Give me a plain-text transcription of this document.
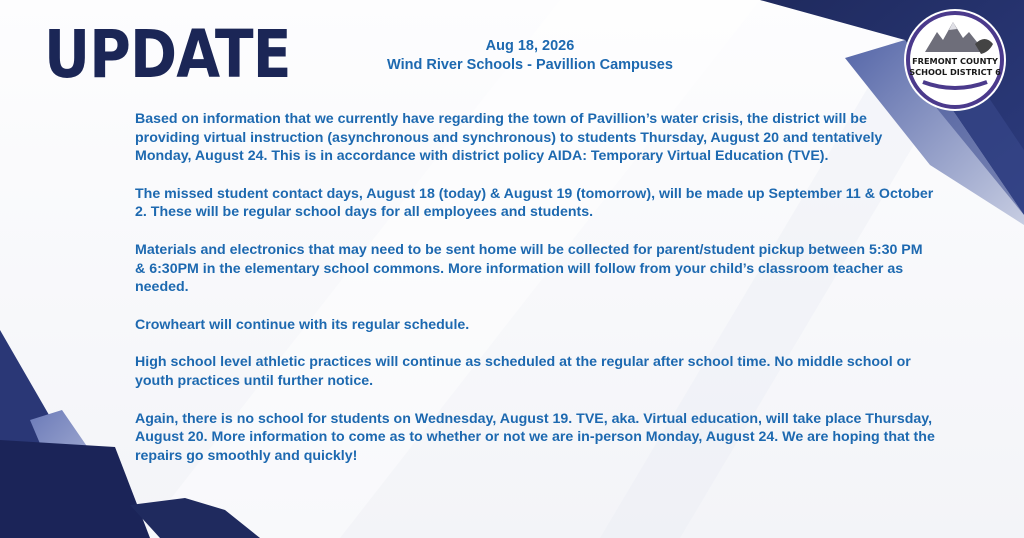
UPDATE	Aug 18, 2026
Wind River Schools - Pavillion Campuses	FREMONT COUNTY
SCHOOL DISTRICT 6

Based on information that we currently have regarding the town of Pavillion’s water crisis, the district will be providing virtual instruction (asynchronous and synchronous) to students Thursday, August 20 and tentatively Monday, August 24. This is in accordance with district policy AIDA: Temporary Virtual Education (TVE).

The missed student contact days, August 18 (today) & August 19 (tomorrow), will be made up September 11 & October 2. These will be regular school days for all employees and students.

Materials and electronics that may need to be sent home will be collected for parent/student pickup between 5:30 PM & 6:30PM in the elementary school commons. More information will follow from your child’s classroom teacher as needed.

Crowheart will continue with its regular schedule.

High school level athletic practices will continue as scheduled at the regular after school time. No middle school or youth practices until further notice.

Again, there is no school for students on Wednesday, August 19. TVE, aka. Virtual education, will take place Thursday, August 20. More information to come as to whether or not we are in-person Monday, August 24. We are hoping that the repairs go smoothly and quickly!
